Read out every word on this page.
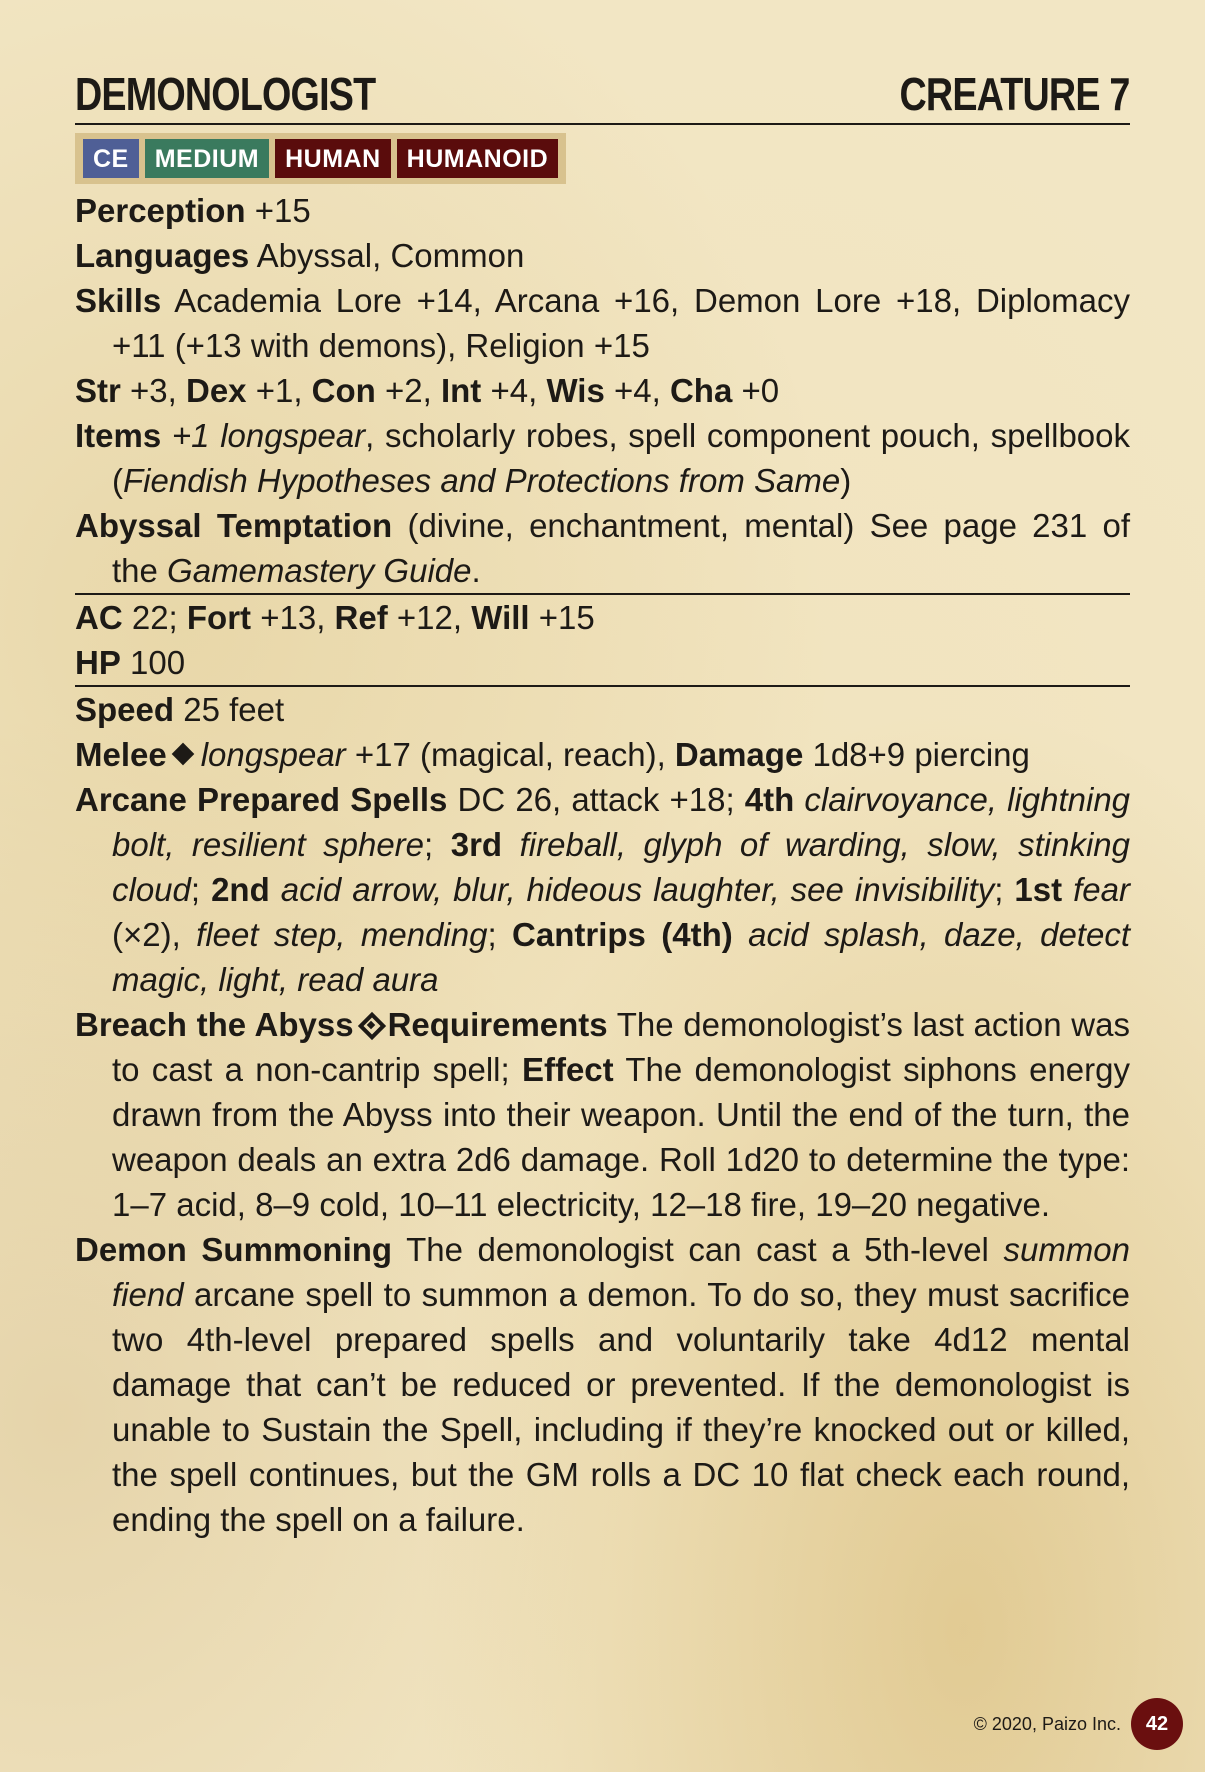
DEMONOLOGIST	CREATURE 7
CE	MEDIUM	HUMAN	HUMANOID
Perception +15
Languages Abyssal, Common
Skills Academia Lore +14, Arcana +16, Demon Lore +18, Diplomacy +11 (+13 with demons), Religion +15
Str +3, Dex +1, Con +2, Int +4, Wis +4, Cha +0
Items +1 longspear, scholarly robes, spell component pouch, spellbook (Fiendish Hypotheses and Protections from Same)
Abyssal Temptation (divine, enchantment, mental) See page 231 of the Gamemastery Guide.
AC 22; Fort +13, Ref +12, Will +15
HP 100
Speed 25 feet
Melee longspear +17 (magical, reach), Damage 1d8+9 piercing
Arcane Prepared Spells DC 26, attack +18; 4th clairvoyance, lightning bolt, resilient sphere; 3rd fireball, glyph of warding, slow, stinking cloud; 2nd acid arrow, blur, hideous laughter, see invisibility; 1st fear (×2), fleet step, mending; Cantrips (4th) acid splash, daze, detect magic, light, read aura
Breach the Abyss Requirements The demonologist’s last action was to cast a non-cantrip spell; Effect The demonologist siphons energy drawn from the Abyss into their weapon. Until the end of the turn, the weapon deals an extra 2d6 damage. Roll 1d20 to determine the type: 1–7 acid, 8–9 cold, 10–11 electricity, 12–18 fire, 19–20 negative.
Demon Summoning The demonologist can cast a 5th-level summon fiend arcane spell to summon a demon. To do so, they must sacrifice two 4th-level prepared spells and voluntarily take 4d12 mental damage that can’t be reduced or prevented. If the demonologist is unable to Sustain the Spell, including if they’re knocked out or killed, the spell continues, but the GM rolls a DC 10 flat check each round, ending the spell on a failure.
© 2020, Paizo Inc.	42
